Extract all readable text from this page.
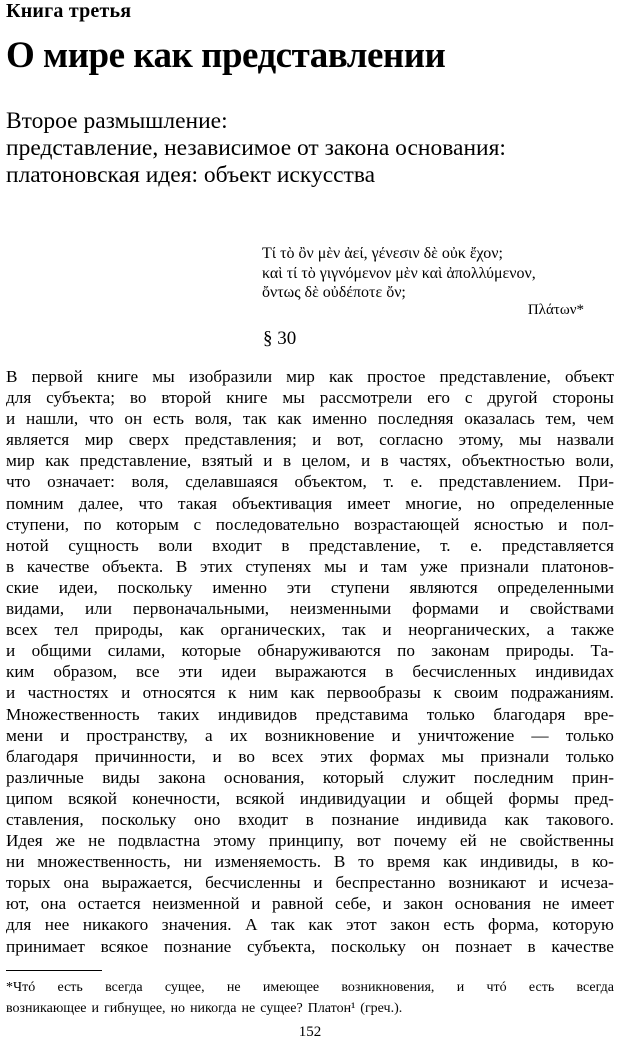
Книга третья
О мире как представлении
Второе размышление:
представление, независимое от закона основания:
платоновская идея: объект искусства
Τί τὸ ὂν μὲν ἀεί, γένεσιν δὲ οὐκ ἔχον;
καὶ τί τὸ γιγνόμενον μὲν καὶ ἀπολλύμενον,
ὄντως δὲ οὐδέποτε ὄν;
Πλάτων*
§ 30
В первой книге мы изобразили мир как простое представление, объект
для субъекта; во второй книге мы рассмотрели его с другой стороны
и нашли, что он есть воля, так как именно последняя оказалась тем, чем
является мир сверх представления; и вот, согласно этому, мы назвали
мир как представление, взятый и в целом, и в частях, объектностью воли,
что означает: воля, сделавшаяся объектом, т. е. представлением. При-
помним далее, что такая объективация имеет многие, но определенные
ступени, по которым с последовательно возрастающей ясностью и пол-
нотой сущность воли входит в представление, т. е. представляется
в качестве объекта. В этих ступенях мы и там уже признали платонов-
ские идеи, поскольку именно эти ступени являются определенными
видами, или первоначальными, неизменными формами и свойствами
всех тел природы, как органических, так и неорганических, а также
и общими силами, которые обнаруживаются по законам природы. Та-
ким образом, все эти идеи выражаются в бесчисленных индивидах
и частностях и относятся к ним как первообразы к своим подражаниям.
Множественность таких индивидов представима только благодаря вре-
мени и пространству, а их возникновение и уничтожение — только
благодаря причинности, и во всех этих формах мы признали только
различные виды закона основания, который служит последним прин-
ципом всякой конечности, всякой индивидуации и общей формы пред-
ставления, поскольку оно входит в познание индивида как такового.
Идея же не подвластна этому принципу, вот почему ей не свойственны
ни множественность, ни изменяемость. В то время как индивиды, в ко-
торых она выражается, бесчисленны и беспрестанно возникают и исчеза-
ют, она остается неизменной и равной себе, и закон основания не имеет
для нее никакого значения. А так как этот закон есть форма, которую
принимает всякое познание субъекта, поскольку он познает в качестве
*Чтó есть всегда сущее, не имеющее возникновения, и чтó есть всегда
возникающее и гибнущее, но никогда не сущее? Платон¹ (греч.).
152
